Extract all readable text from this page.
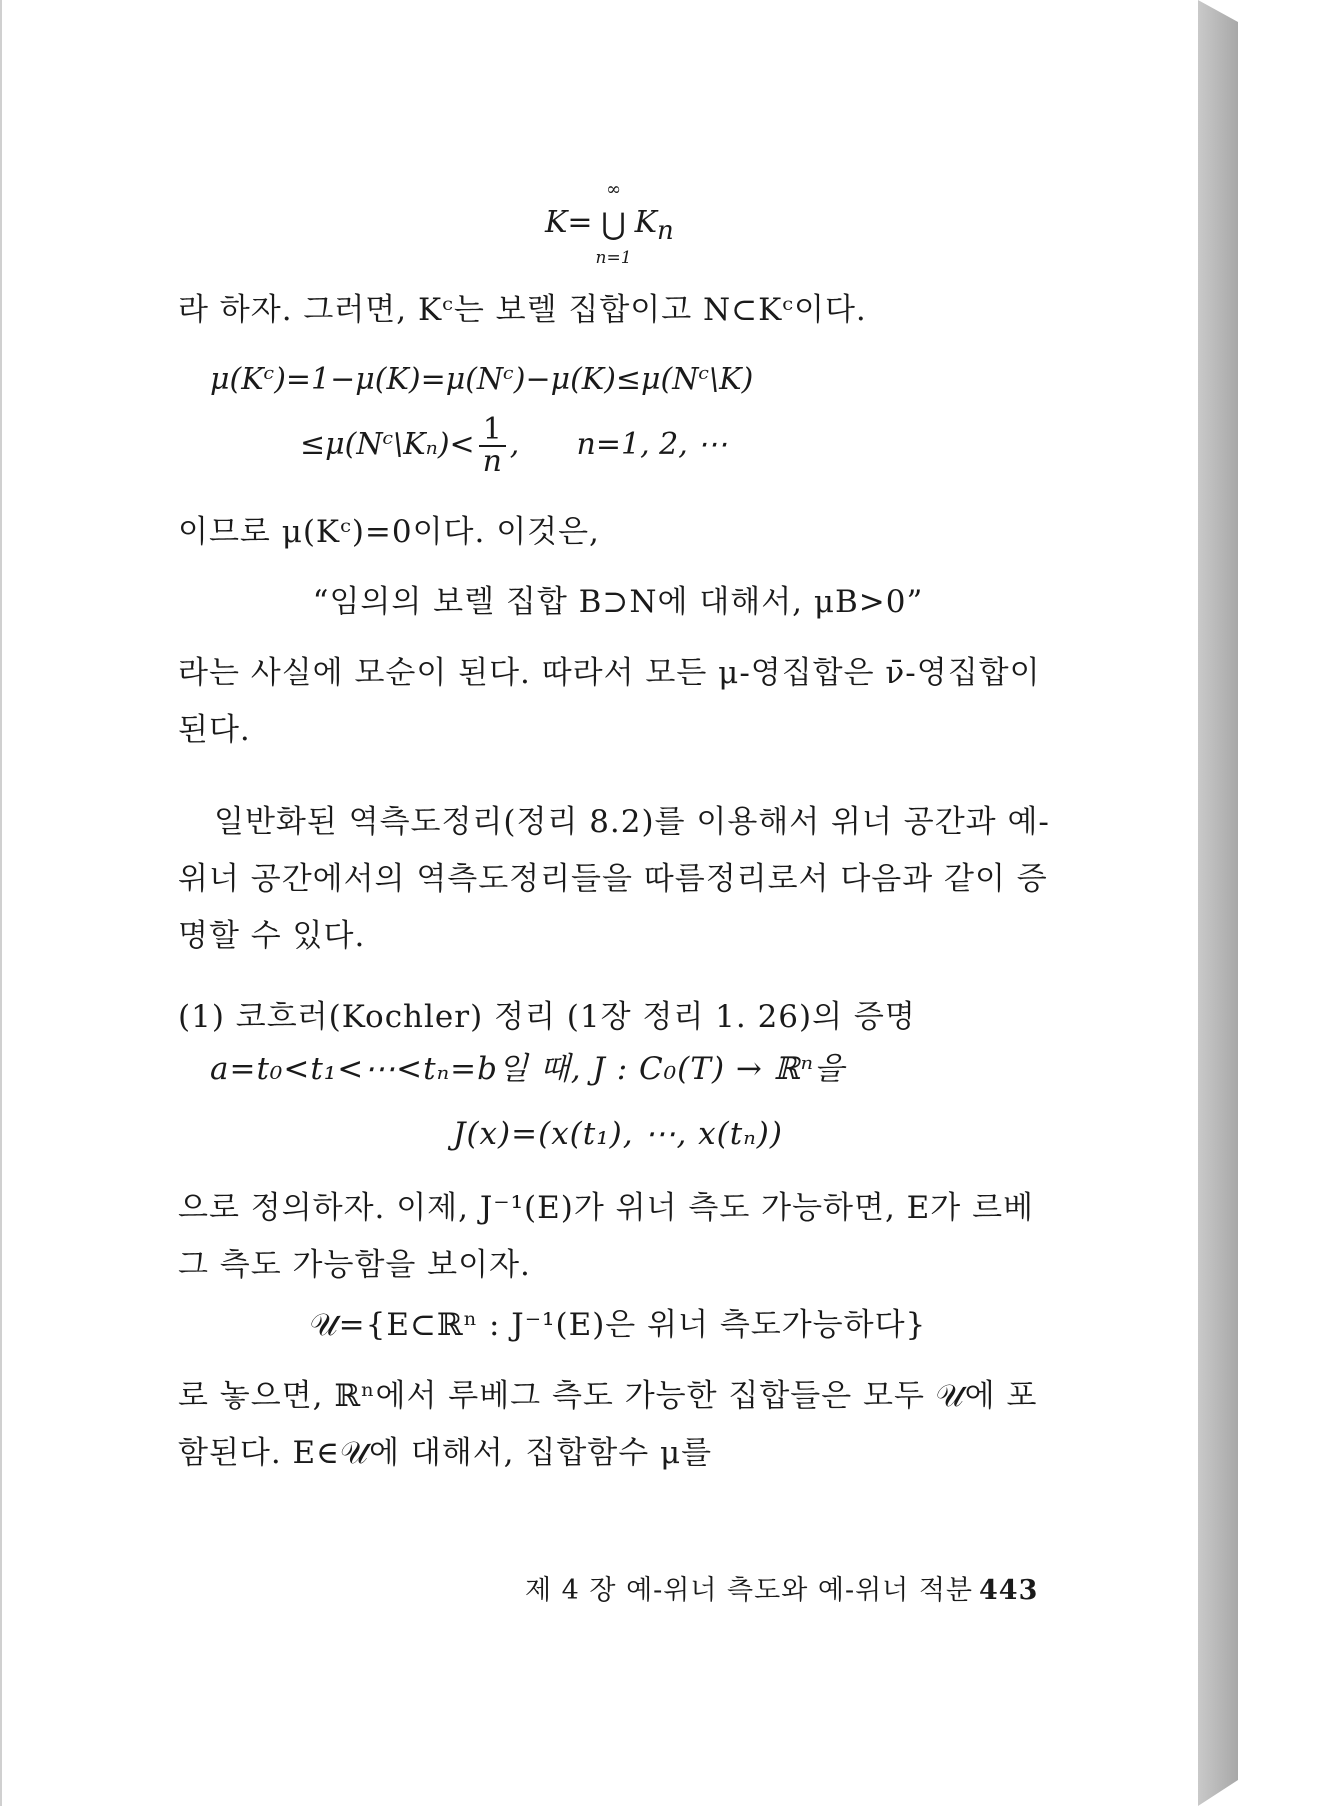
K= ⋃
∞
n=1
$K_n$
라 하자. 그러면, Kᶜ는 보렐 집합이고 N⊂Kᶜ이다.
μ(Kᶜ)=1−μ(K)=μ(Nᶜ)−μ(K)≤μ(Nᶜ\K)
≤μ(Nᶜ\Kₙ)< $\frac{1}{n}$ ,      n=1, 2, ⋯
이므로 μ(Kᶜ)=0이다. 이것은,
“임의의 보렐 집합 B⊃N에 대해서, μB>0”
라는 사실에 모순이 된다. 따라서 모든 μ-영집합은 ν̄-영집합이 된다.
일반화된 역측도정리(정리 8.2)를 이용해서 위너 공간과 예-위너 공간에서의 역측도정리들을 따름정리로서 다음과 같이 증명할 수 있다.
(1) 코흐러(Kochler) 정리 (1장 정리 1. 26)의 증명
a=t₀<t₁<⋯<tₙ=b일 때, J : C₀(T) → ℝⁿ을
J(x)=(x(t₁), ⋯, x(tₙ))
으로 정의하자. 이제, J⁻¹(E)가 위너 측도 가능하면, E가 르베그 측도 가능함을 보이자.
𝒰={E⊂ℝⁿ : J⁻¹(E)은 위너 측도가능하다}
로 놓으면, ℝⁿ에서 루베그 측도 가능한 집합들은 모두 𝒰에 포함된다. E∈𝒰에 대해서, 집합함수 μ를
제 4 장 예-위너 측도와 예-위너 적분 443
